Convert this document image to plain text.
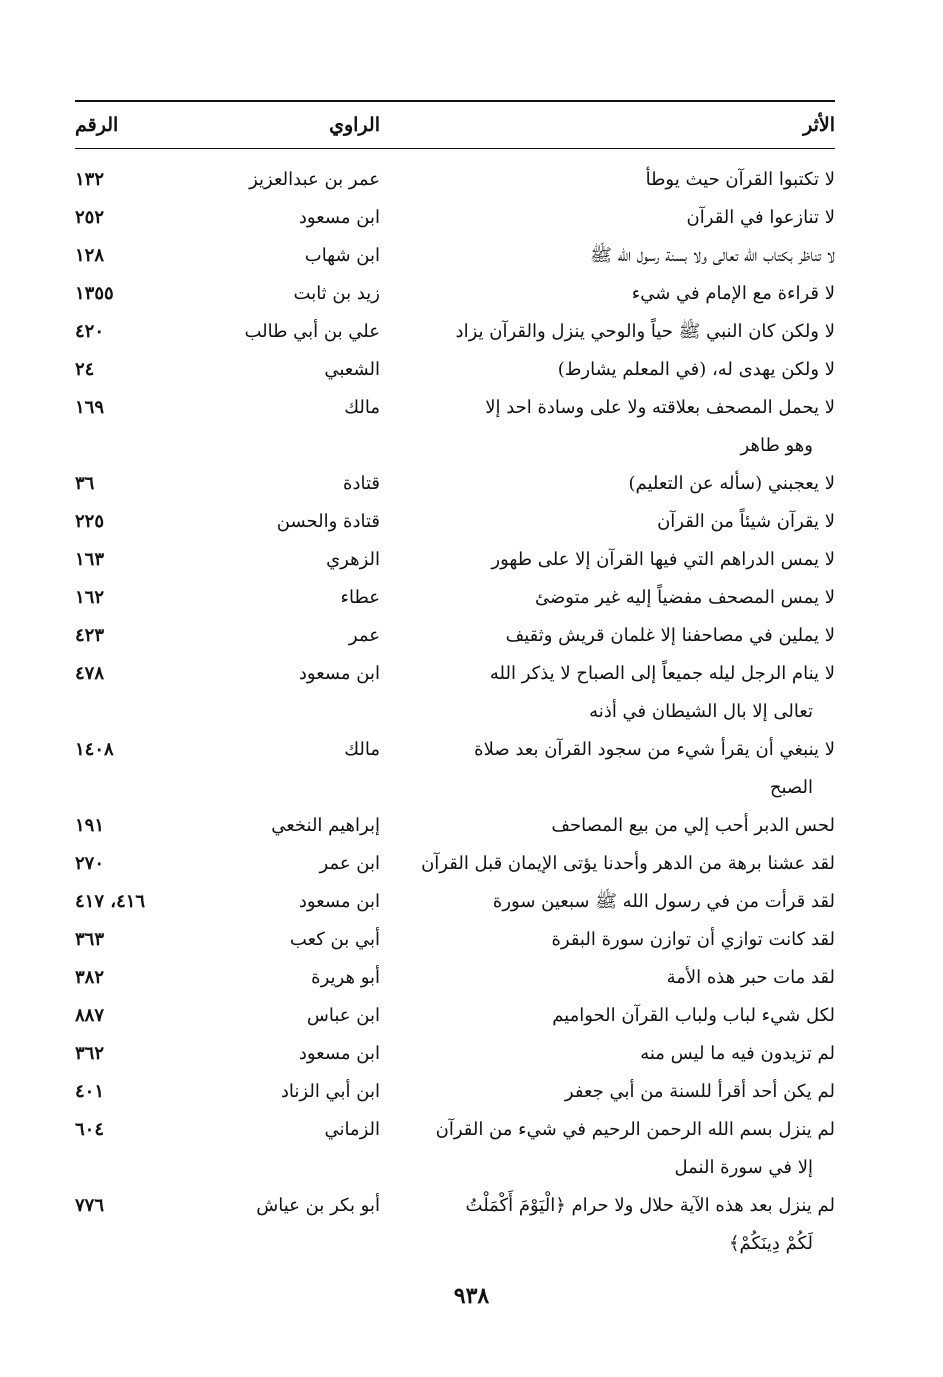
الأثر
الراوي
الرقم
لا تكتبوا القرآن حيث يوطأ
عمر بن عبدالعزيز
١٣٢
لا تنازعوا في القرآن
ابن مسعود
٢٥٢
لا تناظر بكتاب الله تعالى ولا بسنة رسول الله ﷺ
ابن شهاب
١٢٨
لا قراءة مع الإمام في شيء
زيد بن ثابت
١٣٥٥
لا ولكن كان النبي ﷺ حياً والوحي ينزل والقرآن يزاد
علي بن أبي طالب
٤٢٠
لا ولكن يهدى له، (في المعلم يشارط)
الشعبي
٢٤
لا يحمل المصحف بعلاقته ولا على وسادة احد إلا
وهو طاهر
مالك
١٦٩
لا يعجبني (سأله عن التعليم)
قتادة
٣٦
لا يقرآن شيئاً من القرآن
قتادة والحسن
٢٢٥
لا يمس الدراهم التي فيها القرآن إلا على طهور
الزهري
١٦٣
لا يمس المصحف مفضياً إليه غير متوضئ
عطاء
١٦٢
لا يملين في مصاحفنا إلا غلمان قريش وثقيف
عمر
٤٢٣
لا ينام الرجل ليله جميعاً إلى الصباح لا يذكر الله
تعالى إلا بال الشيطان في أذنه
ابن مسعود
٤٧٨
لا ينبغي أن يقرأ شيء من سجود القرآن بعد صلاة
الصبح
مالك
١٤٠٨
لحس الدبر أحب إلي من بيع المصاحف
إبراهيم النخعي
١٩١
لقد عشنا برهة من الدهر وأحدنا يؤتى الإيمان قبل القرآن
ابن عمر
٢٧٠
لقد قرأت من في رسول الله ﷺ سبعين سورة
ابن مسعود
٤١٦، ٤١٧
لقد كانت توازي أن توازن سورة البقرة
أبي بن كعب
٣٦٣
لقد مات حبر هذه الأمة
أبو هريرة
٣٨٢
لكل شيء لباب ولباب القرآن الحواميم
ابن عباس
٨٨٧
لم تزيدون فيه ما ليس منه
ابن مسعود
٣٦٢
لم يكن أحد أقرأ للسنة من أبي جعفر
ابن أبي الزناد
٤٠١
لم ينزل بسم الله الرحمن الرحيم في شيء من القرآن
إلا في سورة النمل
الزماني
٦٠٤
لم ينزل بعد هذه الآية حلال ولا حرام ﴿الْيَوْمَ أَكْمَلْتُ
لَكُمْ دِينَكُمْ﴾
أبو بكر بن عياش
٧٧٦
٩٣٨
